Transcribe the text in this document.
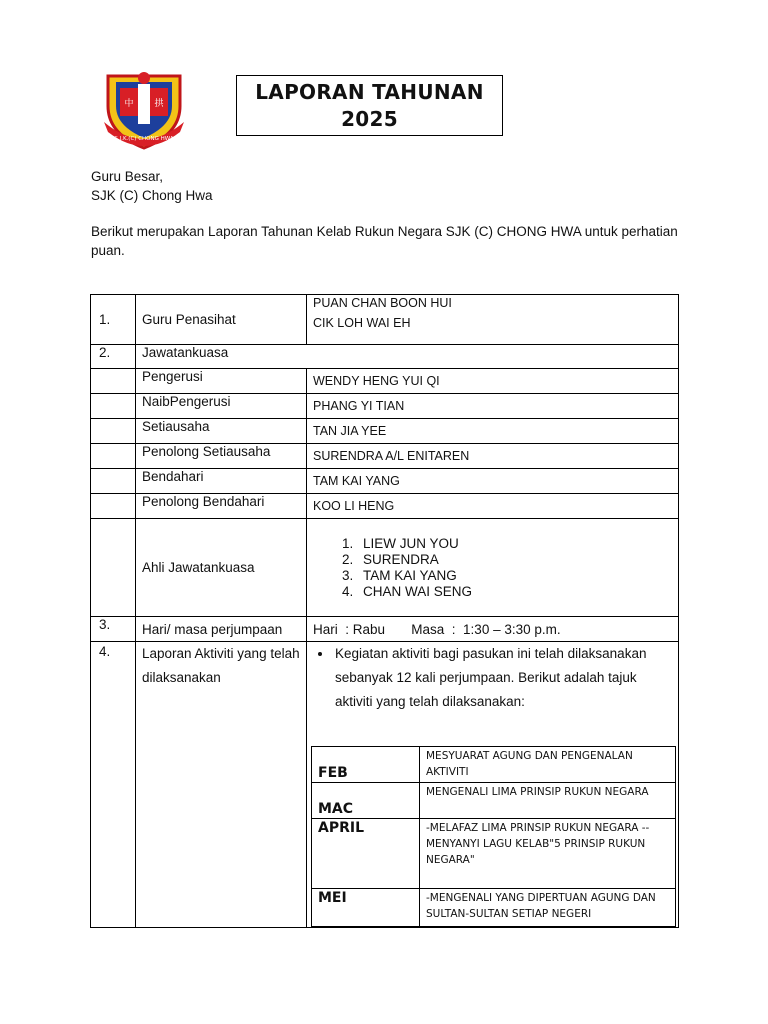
S.J.K.(C) CHONG HWA
中 拱
LAPORAN TAHUNAN
2025
Guru Besar,
SJK (C) Chong Hwa
Berikut merupakan Laporan Tahunan Kelab Rukun Negara SJK (C) CHONG HWA untuk perhatian puan.
1.	Guru Penasihat	
PUAN CHAN BOON HUI
CIK LOH WAI EH

2.	Jawatankuasa
	Pengerusi	WENDY HENG YUI QI
	NaibPengerusi	PHANG YI TIAN
	Setiausaha	TAN JIA YEE
	Penolong Setiausaha	SURENDRA A/L ENITAREN
	Bendahari	TAM KAI YANG
	Penolong Bendahari	KOO LI HENG
	Ahli Jawatankuasa	
1. LIEW JUN YOU
2. SURENDRA
3. TAM KAI YANG
4. CHAN WAI SENG

3.	Hari/ masa perjumpaan	Hari  : Rabu       Masa  :  1:30 – 3:30 p.m.
4.	Laporan Aktiviti yang telah dilaksanakan	
• Kegiatan aktiviti bagi pasukan ini telah dilaksanakan sebanyak 12 kali perjumpaan. Berikut adalah tajuk aktiviti yang telah dilaksanakan:
FEB	MESYUARAT AGUNG DAN PENGENALAN AKTIVITI
MAC	MENGENALI LIMA PRINSIP RUKUN NEGARA
APRIL	-MELAFAZ LIMA PRINSIP RUKUN NEGARA --MENYANYI LAGU KELAB"5 PRINSIP RUKUN NEGARA"
MEI	-MENGENALI YANG DIPERTUAN AGUNG DAN SULTAN-SULTAN SETIAP NEGERI
